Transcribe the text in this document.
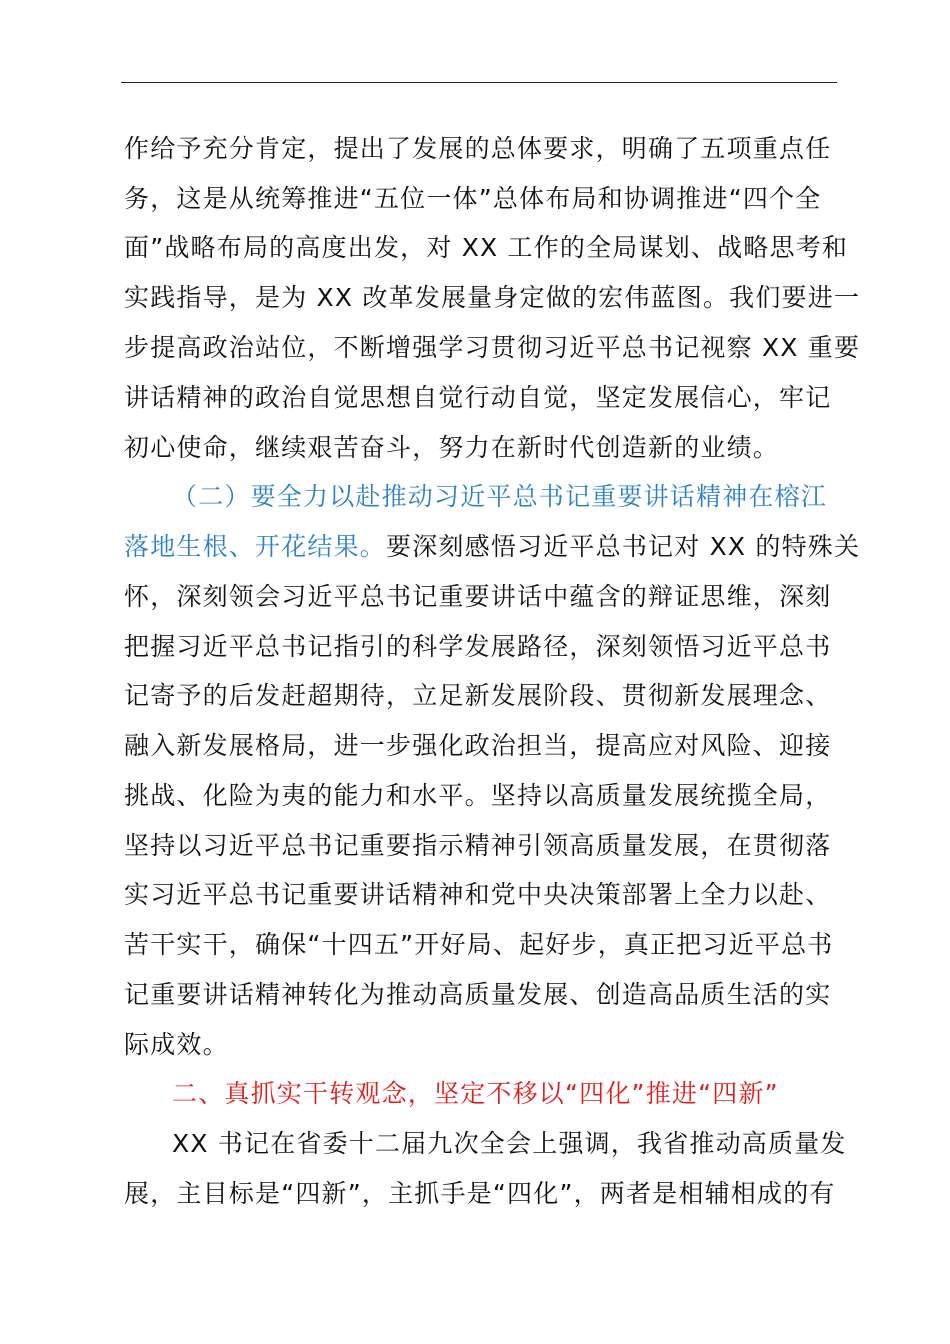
作给予充分肯定，提出了发展的总体要求，明确了五项重点任
务，这是从统筹推进“五位一体”总体布局和协调推进“四个全
面”战略布局的高度出发，对 XX 工作的全局谋划、战略思考和
实践指导，是为 XX 改革发展量身定做的宏伟蓝图。我们要进一
步提高政治站位，不断增强学习贯彻习近平总书记视察 XX 重要
讲话精神的政治自觉思想自觉行动自觉，坚定发展信心，牢记
初心使命，继续艰苦奋斗，努力在新时代创造新的业绩。
（二）要全力以赴推动习近平总书记重要讲话精神在榕江
落地生根、开花结果。要深刻感悟习近平总书记对 XX 的特殊关
怀，深刻领会习近平总书记重要讲话中蕴含的辩证思维，深刻
把握习近平总书记指引的科学发展路径，深刻领悟习近平总书
记寄予的后发赶超期待，立足新发展阶段、贯彻新发展理念、
融入新发展格局，进一步强化政治担当，提高应对风险、迎接
挑战、化险为夷的能力和水平。坚持以高质量发展统揽全局，
坚持以习近平总书记重要指示精神引领高质量发展，在贯彻落
实习近平总书记重要讲话精神和党中央决策部署上全力以赴、
苦干实干，确保“十四五”开好局、起好步，真正把习近平总书
记重要讲话精神转化为推动高质量发展、创造高品质生活的实
际成效。
二、真抓实干转观念，坚定不移以“四化”推进“四新”
XX 书记在省委十二届九次全会上强调，我省推动高质量发
展，主目标是“四新”，主抓手是“四化”，两者是相辅相成的有
